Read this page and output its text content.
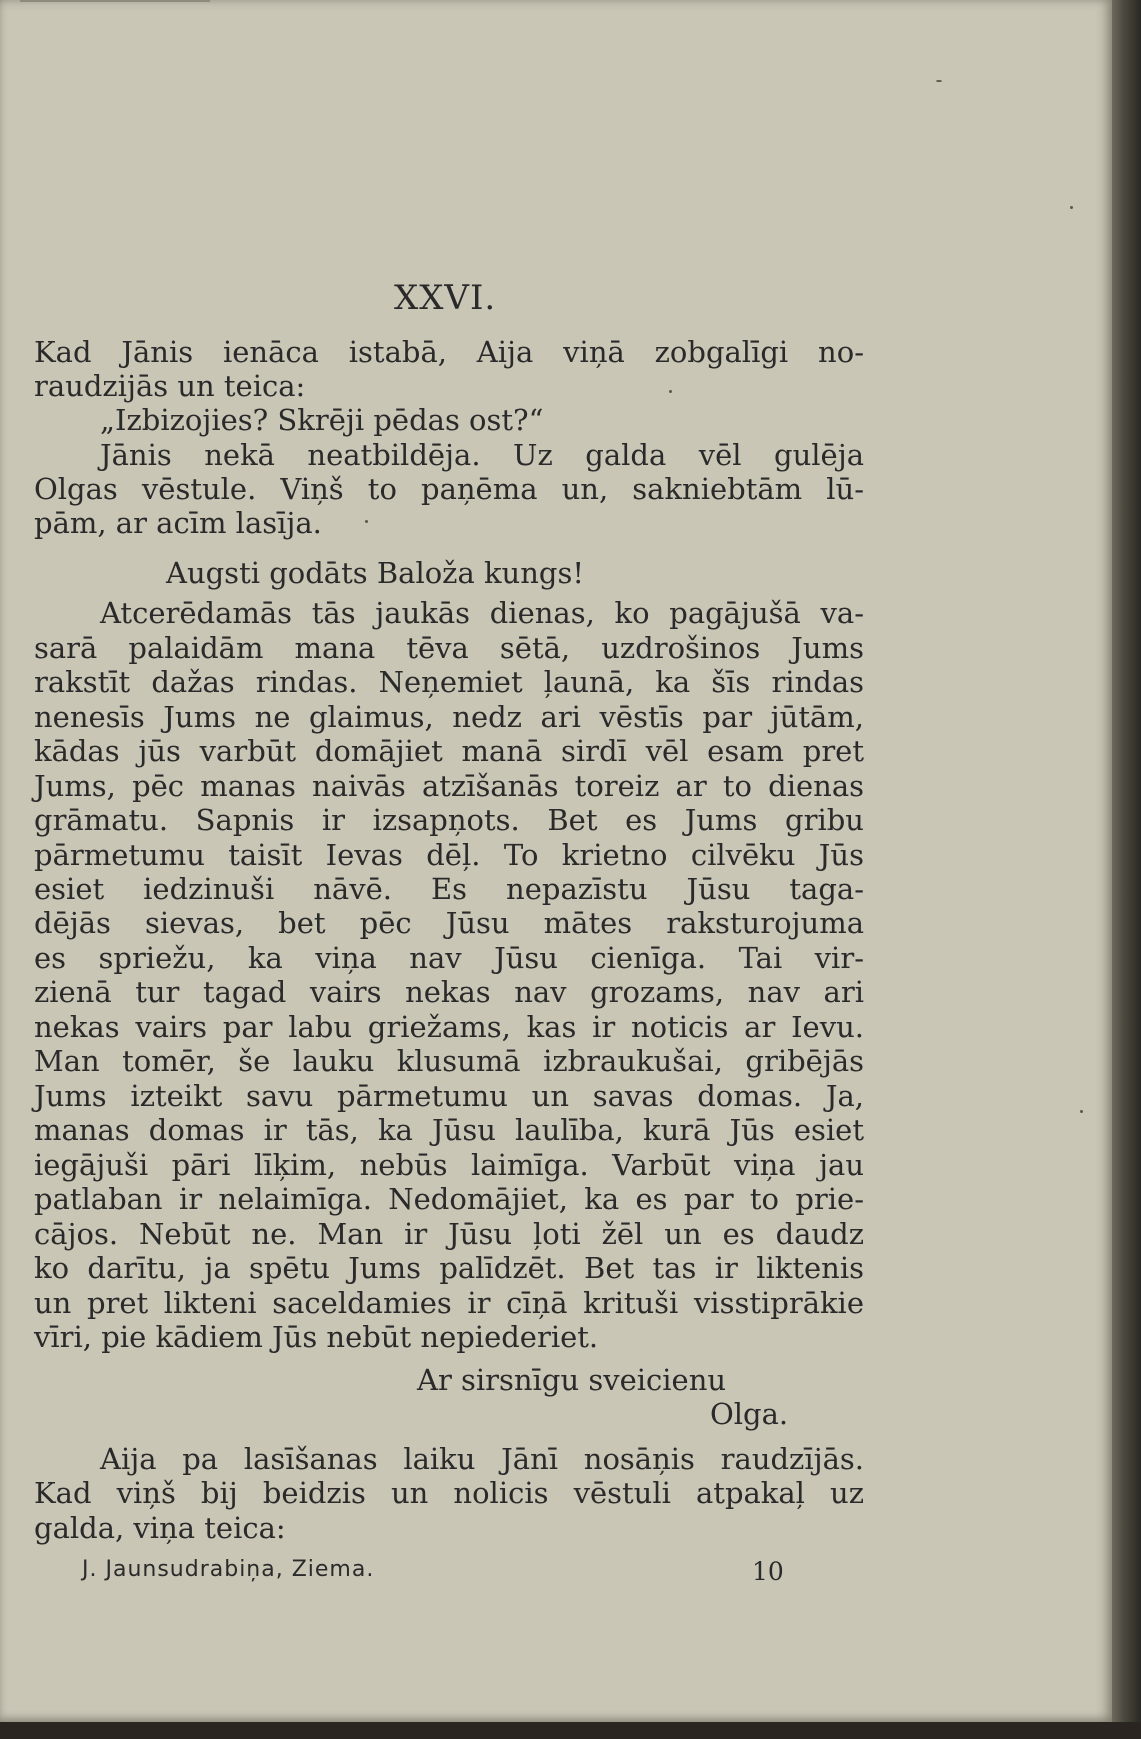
XXVI.
Kad Jānis ienāca istabā, Aija viņā zobgalīgi no-
raudzijās un teica:
„Izbizojies? Skrēji pēdas ost?“
Jānis nekā neatbildēja. Uz galda vēl gulēja
Olgas vēstule. Viņš to paņēma un, sakniebtām lū-
pām, ar acīm lasīja.
Augsti godāts Baloža kungs!
Atcerēdamās tās jaukās dienas, ko pagājušā va-
sarā palaidām mana tēva sētā, uzdrošinos Jums
rakstīt dažas rindas. Neņemiet ļaunā, ka šīs rindas
nenesīs Jums ne glaimus, nedz ari vēstīs par jūtām,
kādas jūs varbūt domājiet manā sirdī vēl esam pret
Jums, pēc manas naivās atzīšanās toreiz ar to dienas
grāmatu. Sapnis ir izsapņots. Bet es Jums gribu
pārmetumu taisīt Ievas dēļ. To krietno cilvēku Jūs
esiet iedzinuši nāvē. Es nepazīstu Jūsu taga-
dējās sievas, bet pēc Jūsu mātes raksturojuma
es spriežu, ka viņa nav Jūsu cienīga. Tai vir-
zienā tur tagad vairs nekas nav grozams, nav ari
nekas vairs par labu griežams, kas ir noticis ar Ievu.
Man tomēr, še lauku klusumā izbraukušai, gribējās
Jums izteikt savu pārmetumu un savas domas. Ja,
manas domas ir tās, ka Jūsu laulība, kurā Jūs esiet
iegājuši pāri līķim, nebūs laimīga. Varbūt viņa jau
patlaban ir nelaimīga. Nedomājiet, ka es par to prie-
cājos. Nebūt ne. Man ir Jūsu ļoti žēl un es daudz
ko darītu, ja spētu Jums palīdzēt. Bet tas ir liktenis
un pret likteni saceldamies ir cīņā krituši visstiprākie
vīri, pie kādiem Jūs nebūt nepiederiet.
Ar sirsnīgu sveicienu
Olga.
Aija pa lasīšanas laiku Jānī nosāņis raudzījās.
Kad viņš bij beidzis un nolicis vēstuli atpakaļ uz
galda, viņa teica:
J. Jaunsudrabiņa, Ziema.	10
